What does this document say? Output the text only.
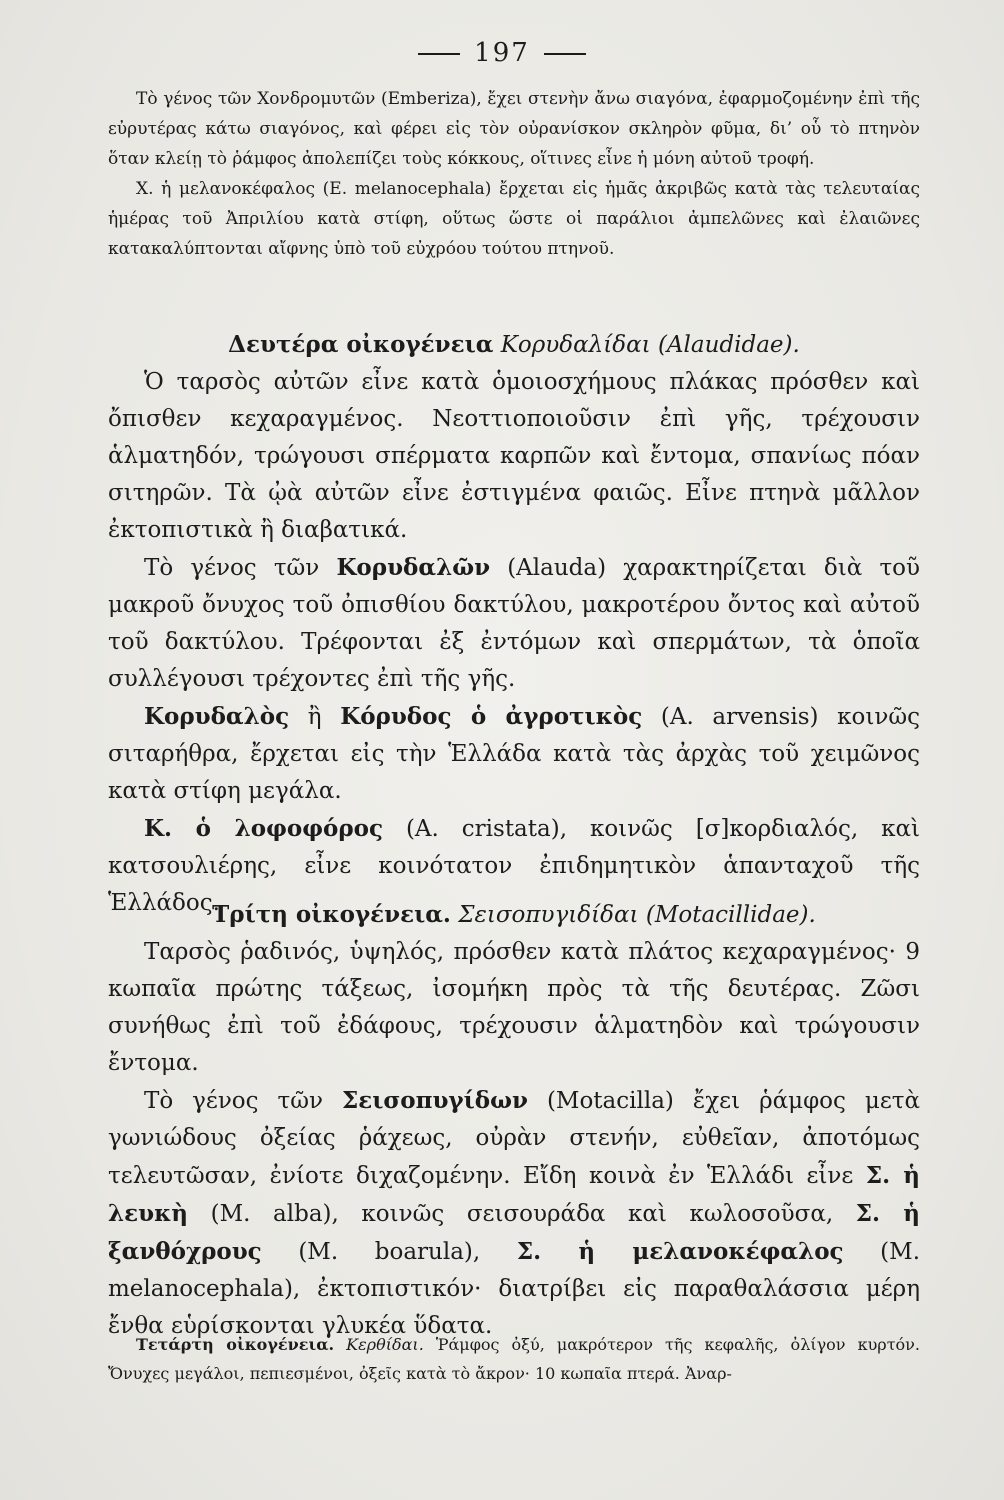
197

Τὸ γένος τῶν Χονδρομυτῶν (Emberiza), ἔχει στενὴν ἄνω σιαγόνα, ἐφαρμοζομένην ἐπὶ τῆς εὐρυτέρας κάτω σιαγόνος, καὶ φέρει εἰς τὸν οὐρανίσκον σκληρὸν φῦμα, δι’ οὗ τὸ πτηνὸν ὅταν κλείῃ τὸ ῥάμφος ἀπολεπίζει τοὺς κόκκους, οἵτινες εἶνε ἡ μόνη αὐτοῦ τροφή.

Χ. ἡ μελανοκέφαλος (E. melanocephala) ἔρχεται εἰς ἡμᾶς ἀκριβῶς κατὰ τὰς τελευταίας ἡμέρας τοῦ Ἀπριλίου κατὰ στίφη, οὕτως ὥστε οἱ παράλιοι ἀμπελῶνες καὶ ἐλαιῶνες κατακαλύπτονται αἴφνης ὑπὸ τοῦ εὐχρόου τούτου πτηνοῦ.

Δευτέρα οἰκογένεια Κορυδαλίδαι (Alaudidae).

Ὁ ταρσὸς αὐτῶν εἶνε κατὰ ὁμοιοσχήμους πλάκας πρόσθεν καὶ ὄπισθεν κεχαραγμένος. Νεοττιοποιοῦσιν ἐπὶ γῆς, τρέχουσιν ἁλματηδόν, τρώγουσι σπέρματα καρπῶν καὶ ἔντομα, σπανίως πόαν σιτηρῶν. Τὰ ᾠὰ αὐτῶν εἶνε ἐστιγμένα φαιῶς. Εἶνε πτηνὰ μᾶλλον ἐκτοπιστικὰ ἢ διαβατικά.

Τὸ γένος τῶν Κορυδαλῶν (Alauda) χαρακτηρίζεται διὰ τοῦ μακροῦ ὄνυχος τοῦ ὀπισθίου δακτύλου, μακροτέρου ὄντος καὶ αὐτοῦ τοῦ δακτύλου. Τρέφονται ἐξ ἐντόμων καὶ σπερμάτων, τὰ ὁποῖα συλλέγουσι τρέχοντες ἐπὶ τῆς γῆς.

Κορυδαλὸς ἢ Κόρυδος ὁ ἀγροτικὸς (A. arvensis) κοινῶς σιταρήθρα, ἔρχεται εἰς τὴν Ἑλλάδα κατὰ τὰς ἀρχὰς τοῦ χειμῶνος κατὰ στίφη μεγάλα.

Κ. ὁ λοφοφόρος (A. cristata), κοινῶς [σ]κορδιαλός, καὶ κατσουλιέρης, εἶνε κοινότατον ἐπιδημητικὸν ἁπανταχοῦ τῆς Ἑλλάδος.

Τρίτη οἰκογένεια. Σεισοπυγιδίδαι (Motacillidae).

Ταρσὸς ῥαδινός, ὑψηλός, πρόσθεν κατὰ πλάτος κεχαραγμένος· 9 κωπαῖα πρώτης τάξεως, ἰσομήκη πρὸς τὰ τῆς δευτέρας. Ζῶσι συνήθως ἐπὶ τοῦ ἐδάφους, τρέχουσιν ἁλματηδὸν καὶ τρώγουσιν ἔντομα.

Τὸ γένος τῶν Σεισοπυγίδων (Motacilla) ἔχει ῥάμφος μετὰ γωνιώδους ὀξείας ῥάχεως, οὐρὰν στενήν, εὐθεῖαν, ἀποτόμως τελευτῶσαν, ἐνίοτε διχαζομένην. Εἴδη κοινὰ ἐν Ἑλλάδι εἶνε Σ. ἡ λευκὴ (M. alba), κοινῶς σεισουράδα καὶ κωλοσοῦσα, Σ. ἡ ξανθόχρους (M. boarula), Σ. ἡ μελανοκέφαλος (M. melanocephala), ἐκτοπιστικόν· διατρίβει εἰς παραθαλάσσια μέρη ἔνθα εὑρίσκονται γλυκέα ὕδατα.

Τετάρτη οἰκογένεια. Κερθίδαι. Ῥάμφος ὀξύ, μακρότερον τῆς κεφαλῆς, ὀλίγον κυρτόν. Ὄνυχες μεγάλοι, πεπιεσμένοι, ὀξεῖς κατὰ τὸ ἄκρον· 10 κωπαῖα πτερά. Ἀναρ-
